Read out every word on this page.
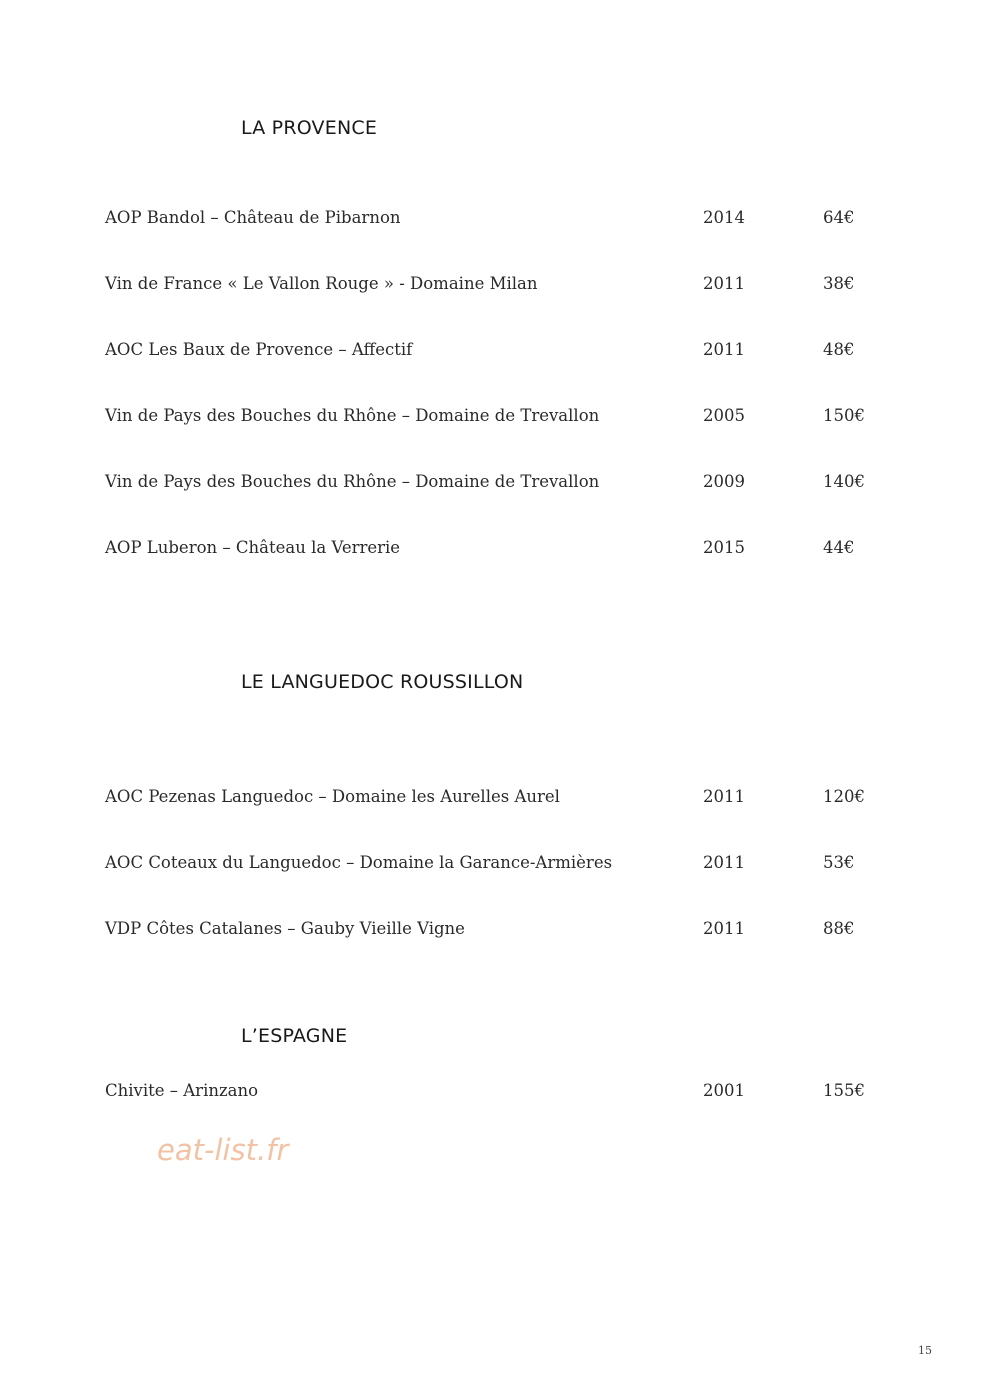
LA PROVENCE
AOP Bandol – Château de Pibarnon	2014	64€
Vin de France « Le Vallon Rouge » - Domaine Milan	2011	38€
AOC Les Baux de Provence – Affectif	2011	48€
Vin de Pays des Bouches du Rhône – Domaine de Trevallon	2005	150€
Vin de Pays des Bouches du Rhône – Domaine de Trevallon	2009	140€
AOP Luberon – Château la Verrerie	2015	44€
LE LANGUEDOC ROUSSILLON
AOC Pezenas Languedoc – Domaine les Aurelles Aurel	2011	120€
AOC Coteaux du Languedoc – Domaine la Garance-Armières	2011	53€
VDP Côtes Catalanes – Gauby Vieille Vigne	2011	88€
L’ESPAGNE
Chivite – Arinzano	2001	155€
eat-list.fr
15
